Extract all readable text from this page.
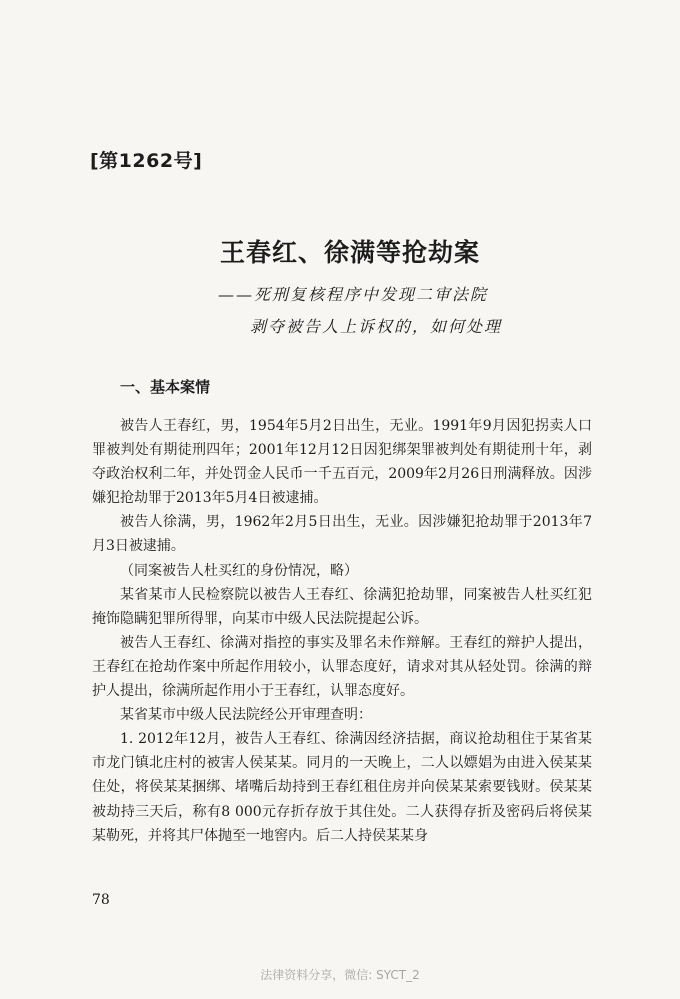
[第1262号]
王春红、徐满等抢劫案
——死刑复核程序中发现二审法院
剥夺被告人上诉权的，如何处理
一、基本案情

被告人王春红，男，1954年5月2日出生，无业。1991年9月因犯拐卖人口罪被判处有期徒刑四年；2001年12月12日因犯绑架罪被判处有期徒刑十年，剥夺政治权利二年，并处罚金人民币一千五百元，2009年2月26日刑满释放。因涉嫌犯抢劫罪于2013年5月4日被逮捕。

被告人徐满，男，1962年2月5日出生，无业。因涉嫌犯抢劫罪于2013年7月3日被逮捕。

（同案被告人杜买红的身份情况，略）

某省某市人民检察院以被告人王春红、徐满犯抢劫罪，同案被告人杜买红犯掩饰隐瞒犯罪所得罪，向某市中级人民法院提起公诉。

被告人王春红、徐满对指控的事实及罪名未作辩解。王春红的辩护人提出，王春红在抢劫作案中所起作用较小，认罪态度好，请求对其从轻处罚。徐满的辩护人提出，徐满所起作用小于王春红，认罪态度好。

某省某市中级人民法院经公开审理查明：

1. 2012年12月，被告人王春红、徐满因经济拮据，商议抢劫租住于某省某市龙门镇北庄村的被害人侯某某。同月的一天晚上，二人以嫖娼为由进入侯某某住处，将侯某某捆绑、堵嘴后劫持到王春红租住房并向侯某某索要钱财。侯某某被劫持三天后，称有8 000元存折存放于其住处。二人获得存折及密码后将侯某某勒死，并将其尸体抛至一地窖内。后二人持侯某某身

78
法律资料分享，微信: SYCT_2
